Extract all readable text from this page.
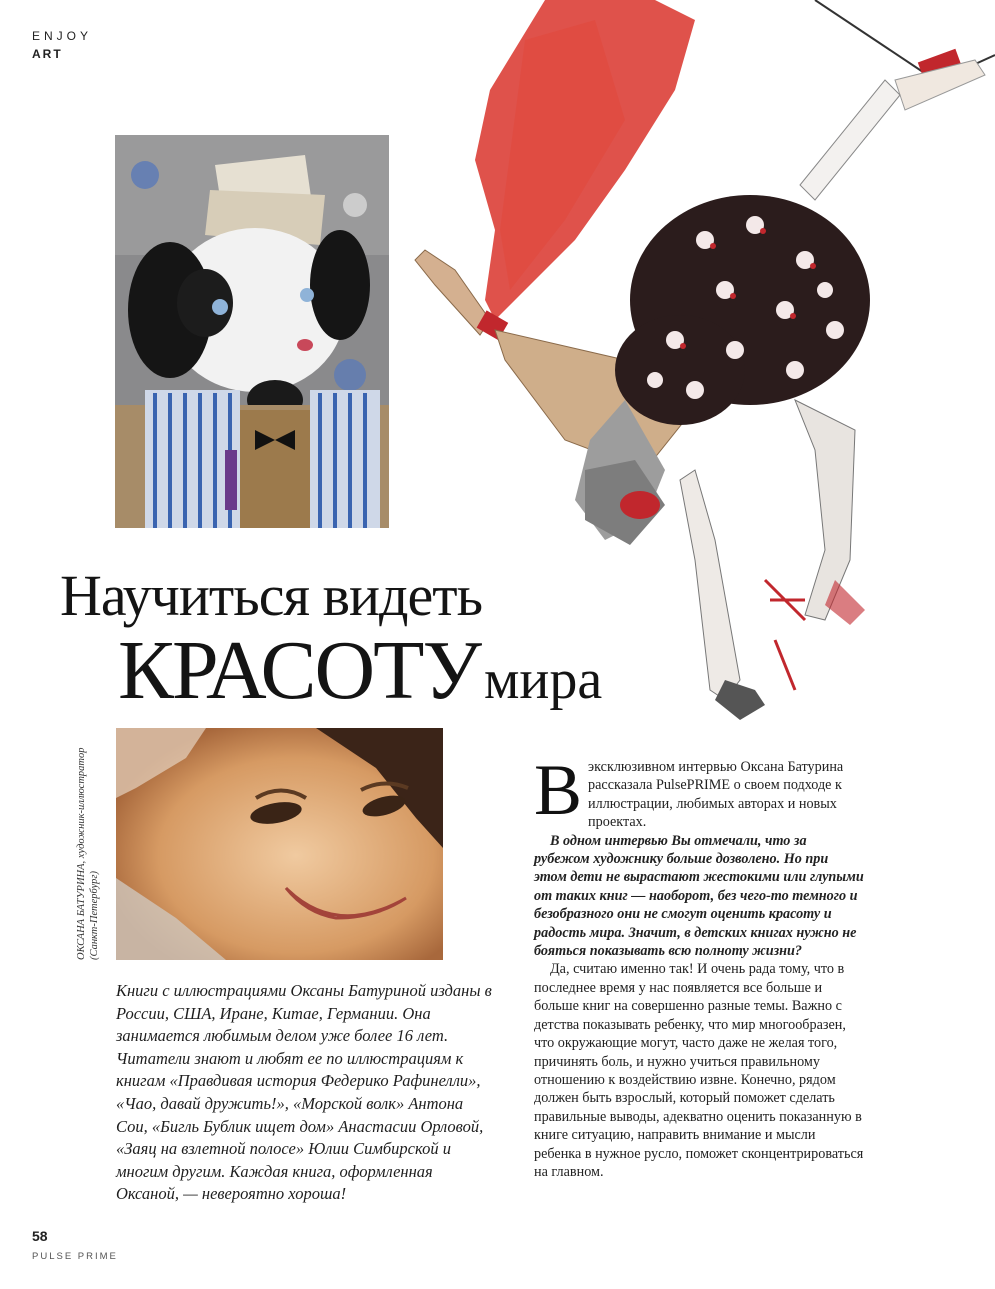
ENJOY
ART
Научиться видеть
КРАСОТУ мира
ОКСАНА БАТУРИНА, художник-иллюстратор (Санкт-Петербург)

Книги с иллюстрациями Оксаны Батуриной изданы в России, США, Иране, Китае, Германии. Она занимается любимым делом уже более 16 лет. Читатели знают и любят ее по иллюстрациям к книгам «Правдивая история Федерико Рафинелли», «Чао, давай дружить!», «Морской волк» Антона Сои, «Бигль Бублик ищет дом» Анастасии Орловой, «Заяц на взлетной полосе» Юлии Симбирской и многим другим. Каждая книга, оформленная Оксаной, — невероятно хороша!

Вэксклюзивном интервью Оксана Батурина рассказала PulsePRIME о своем подходе к иллюстрации, любимых авторах и новых проектах.

В одном интервью Вы отмечали, что за рубежом художнику больше дозволено. Но при этом дети не вырастают жестокими или глупыми от таких книг — наоборот, без чего-то темного и безобразного они не смогут оценить красоту и радость мира. Значит, в детских книгах нужно не бояться показывать всю полноту жизни?

Да, считаю именно так! И очень рада тому, что в последнее время у нас появляется все больше и больше книг на совершенно разные темы. Важно с детства показывать ребенку, что мир многообразен, что окружающие могут, часто даже не желая того, причинять боль, и нужно учиться правильному отношению к воздействию извне. Конечно, рядом должен быть взрослый, который поможет сделать правильные выводы, адекватно оценить показанную в книге ситуацию, направить внимание и мысли ребенка в нужное русло, поможет сконцентрироваться на главном.

58
PULSE PRIME
